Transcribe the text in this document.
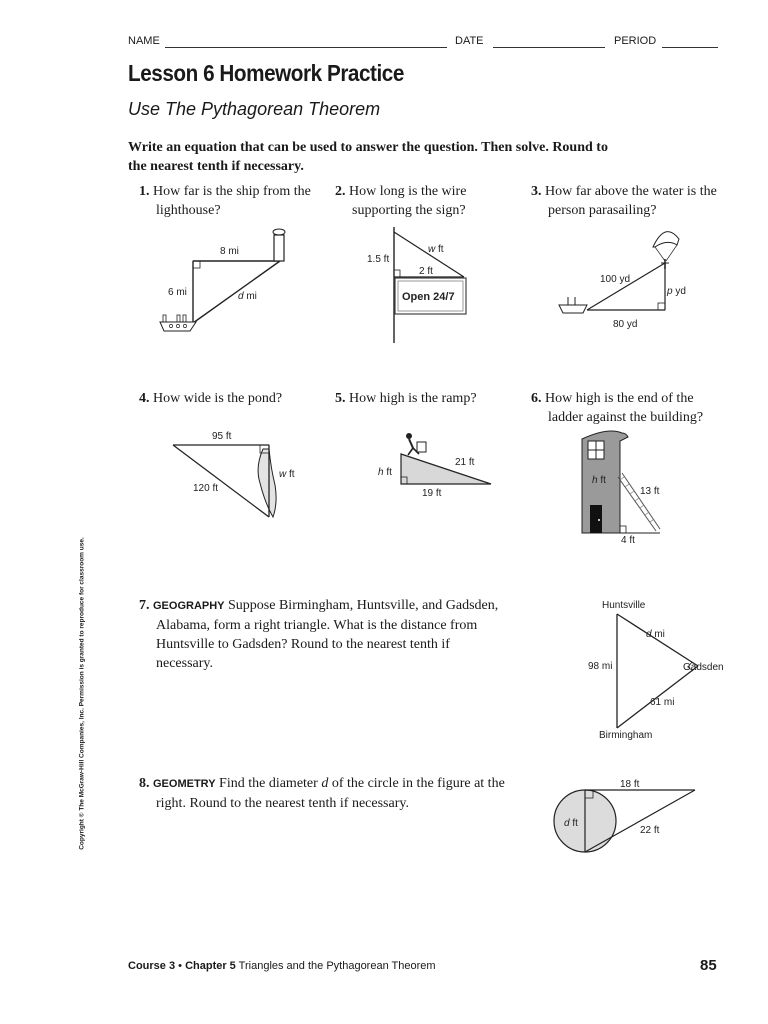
NAME	DATE	PERIOD
Lesson 6 Homework Practice
Use The Pythagorean Theorem
Write an equation that can be used to answer the question. Then solve. Round to the nearest tenth if necessary.
1. How far is the ship from the lighthouse?
2. How long is the wire supporting the sign?
3. How far above the water is the person parasailing?
8 mi
6 mi	d mi
1.5 ft
w ft
2 ft
Open 24/7
100 yd
p yd
80 yd
4. How wide is the pond?	5. How high is the ramp?	6. How high is the end of the ladder against the building?
95 ft
120 ft
w ft	h ft
21 ft
19 ft
h ft
13 ft
4 ft
7. GEOGRAPHY Suppose Birmingham, Huntsville, and Gadsden, Alabama, form a right triangle. What is the distance from Huntsville to Gadsden? Round to the nearest tenth if necessary.
Huntsville
Gadsden
Birmingham
d mi
98 mi
61 mi
8. GEOMETRY Find the diameter d of the circle in the figure at the right. Round to the nearest tenth if necessary.
18 ft
d ft
22 ft
Copyright © The McGraw-Hill Companies, Inc. Permission is granted to reproduce for classroom use.
Course 3 • Chapter 5 Triangles and the Pythagorean Theorem	85
